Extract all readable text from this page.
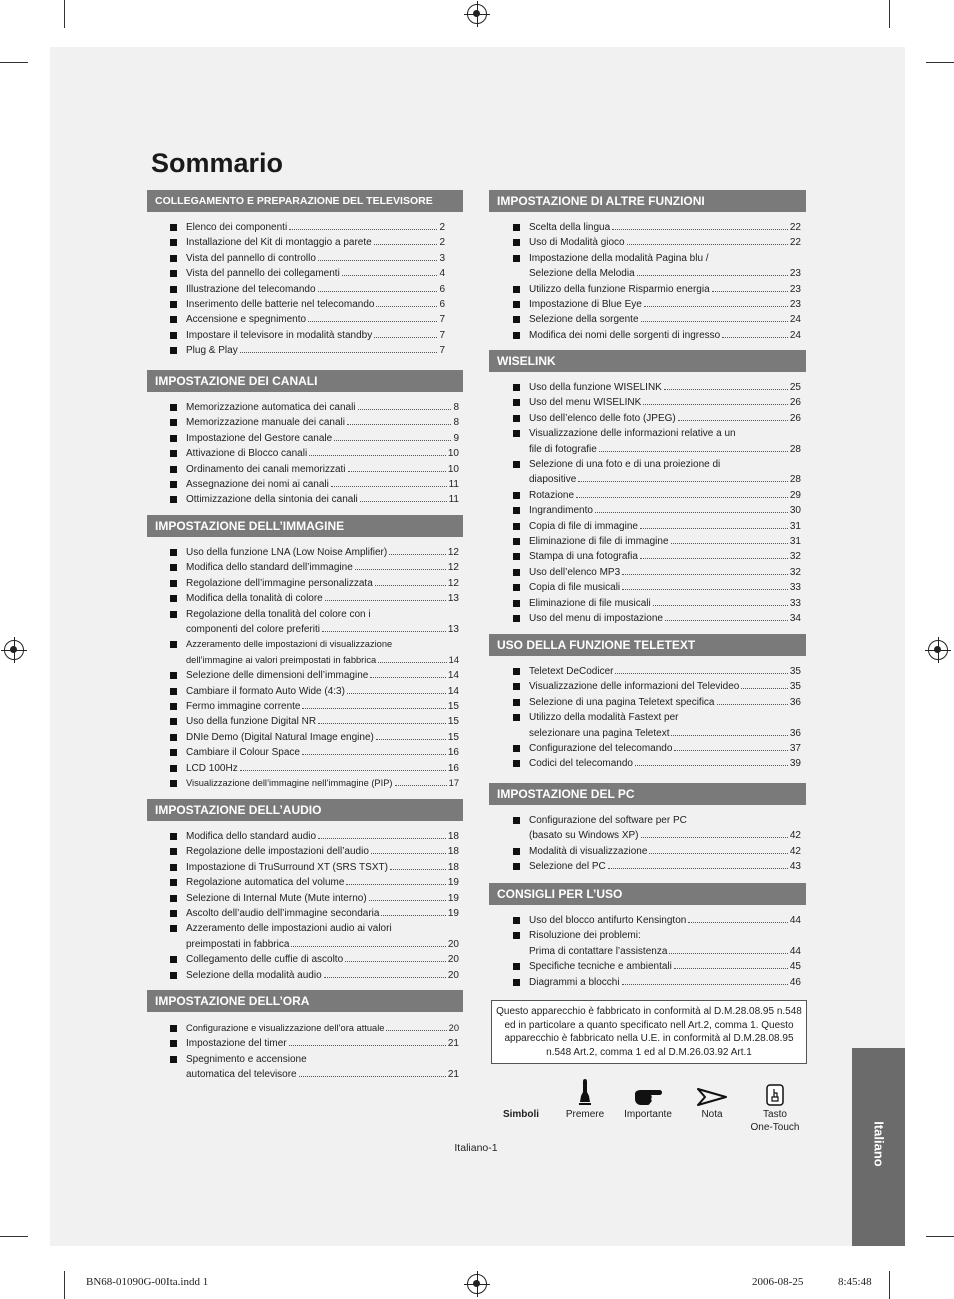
Sommario
COLLEGAMENTO E PREPARAZIONE DEL TELEVISORE
Elenco dei componenti	2
Installazione del Kit di montaggio a parete	2
Vista del pannello di controllo	3
Vista del pannello dei collegamenti	4
Illustrazione del telecomando	6
Inserimento delle batterie nel telecomando	6
Accensione e spegnimento	7
Impostare il televisore in modalità standby	7
Plug & Play	7
IMPOSTAZIONE DEI CANALI
Memorizzazione automatica dei canali	8
Memorizzazione manuale dei canali	8
Impostazione del Gestore canale	9
Attivazione di Blocco canali	10
Ordinamento dei canali memorizzati	10
Assegnazione dei nomi ai canali	11
Ottimizzazione della sintonia dei canali	11
IMPOSTAZIONE DELL’IMMAGINE
Uso della funzione LNA (Low Noise Amplifier)	12
Modifica dello standard dell’immagine	12
Regolazione dell’immagine personalizzata	12
Modifica della tonalità di colore	13
Regolazione della tonalità del colore con i
componenti del colore preferiti	13
Azzeramento delle impostazioni di visualizzazione
dell’immagine ai valori preimpostati in fabbrica	14
Selezione delle dimensioni dell’immagine	14
Cambiare il formato Auto Wide (4:3)	14
Fermo immagine corrente	15
Uso della funzione Digital NR	15
DNIe Demo (Digital Natural Image engine)	15
Cambiare il Colour Space	16
LCD 100Hz	16
Visualizzazione dell’immagine nell’immagine (PIP)	17
IMPOSTAZIONE DELL’AUDIO
Modifica dello standard audio	18
Regolazione delle impostazioni dell’audio	18
Impostazione di TruSurround XT (SRS TSXT)	18
Regolazione automatica del volume	19
Selezione di Internal Mute (Mute interno)	19
Ascolto dell’audio dell’immagine secondaria	19
Azzeramento delle impostazioni audio ai valori
preimpostati in fabbrica	20
Collegamento delle cuffie di ascolto	20
Selezione della modalità audio	20
IMPOSTAZIONE DELL’ORA
Configurazione e visualizzazione dell’ora attuale	20
Impostazione del timer	21
Spegnimento e accensione
automatica del televisore	21
IMPOSTAZIONE DI ALTRE FUNZIONI
Scelta della lingua	22
Uso di Modalità gioco	22
Impostazione della modalità Pagina blu /
Selezione della Melodia	23
Utilizzo della funzione Risparmio energia	23
Impostazione di Blue Eye	23
Selezione della sorgente	24
Modifica dei nomi delle sorgenti di ingresso	24
WISELINK
Uso della funzione WISELINK	25
Uso del menu WISELINK	26
Uso dell’elenco delle foto (JPEG)	26
Visualizzazione delle informazioni relative a un
file di fotografie	28
Selezione di una foto e di una proiezione di
diapositive	28
Rotazione	29
Ingrandimento	30
Copia di file di immagine	31
Eliminazione di file di immagine	31
Stampa di una fotografia	32
Uso dell’elenco MP3	32
Copia di file musicali	33
Eliminazione di file musicali	33
Uso del menu di impostazione	34
USO DELLA FUNZIONE TELETEXT
Teletext DeCodicer	35
Visualizzazione delle informazioni del Televideo	35
Selezione di una pagina Teletext specifica	36
Utilizzo della modalità Fastext per
selezionare una pagina Teletext	36
Configurazione del telecomando	37
Codici del telecomando	39
IMPOSTAZIONE DEL PC
Configurazione del software per PC
(basato su Windows XP)	42
Modalità di visualizzazione	42
Selezione del PC	43
CONSIGLI PER L’USO
Uso del blocco antifurto Kensington	44
Risoluzione dei problemi:
Prima di contattare l’assistenza	44
Specifiche tecniche e ambientali	45
Diagrammi a blocchi	46
Questo apparecchio è fabbricato in conformità al D.M.28.08.95 n.548 ed in particolare a quanto specificato nell Art.2, comma 1. Questo apparecchio è fabbricato nella U.E. in conformità al D.M.28.08.95 n.548 Art.2, comma 1 ed al D.M.26.03.92 Art.1
Simboli	Premere	Importante	Nota	Tasto
One-Touch
Italiano-1	Italiano
BN68-01090G-00Ita.indd 1	2006-08-25	8:45:48
